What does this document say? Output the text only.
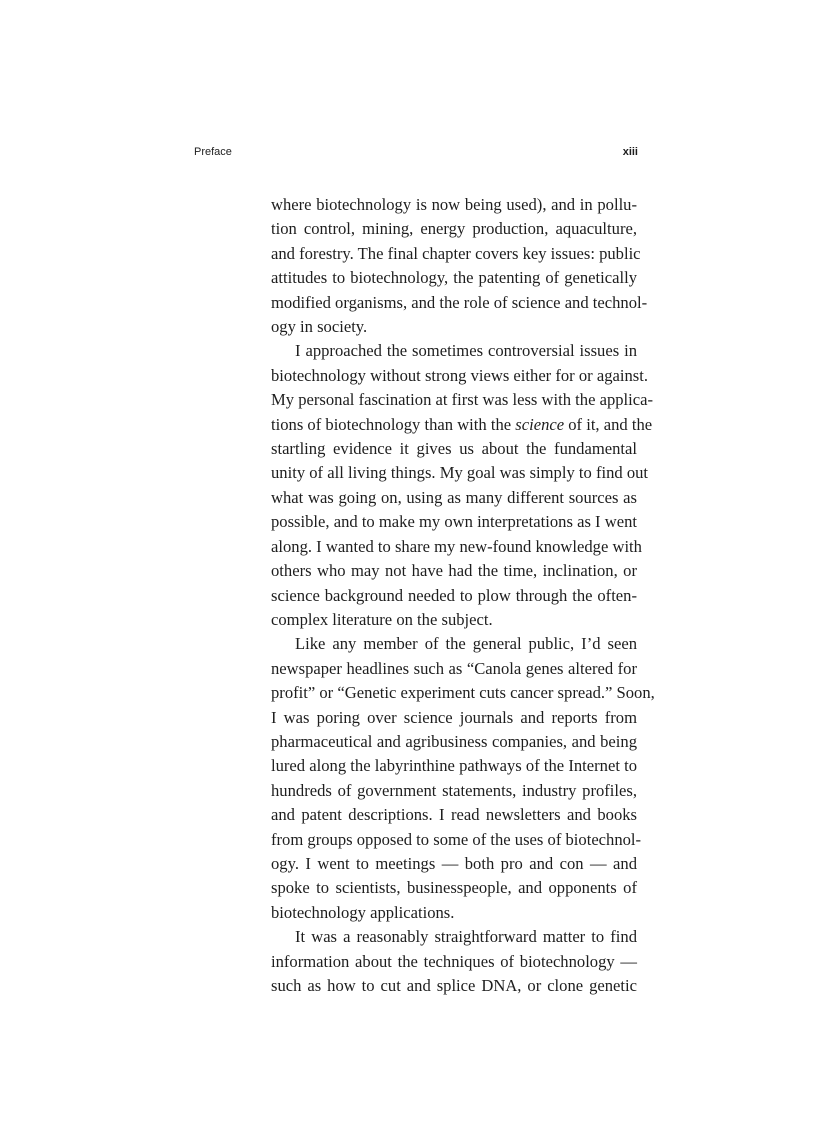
Preface	xiii

where biotechnology is now being used), and in pollu-
tion control, mining, energy production, aquaculture,
and forestry. The final chapter covers key issues: public
attitudes to biotechnology, the patenting of genetically
modified organisms, and the role of science and technol-
ogy in society.

I approached the sometimes controversial issues in
biotechnology without strong views either for or against.
My personal fascination at first was less with the applica-
tions of biotechnology than with the science of it, and the
startling evidence it gives us about the fundamental
unity of all living things. My goal was simply to find out
what was going on, using as many different sources as
possible, and to make my own interpretations as I went
along. I wanted to share my new-found knowledge with
others who may not have had the time, inclination, or
science background needed to plow through the often-
complex literature on the subject.

Like any member of the general public, I’d seen
newspaper headlines such as “Canola genes altered for
profit” or “Genetic experiment cuts cancer spread.” Soon,
I was poring over science journals and reports from
pharmaceutical and agribusiness companies, and being
lured along the labyrinthine pathways of the Internet to
hundreds of government statements, industry profiles,
and patent descriptions. I read newsletters and books
from groups opposed to some of the uses of biotechnol-
ogy. I went to meetings — both pro and con — and
spoke to scientists, businesspeople, and opponents of
biotechnology applications.

It was a reasonably straightforward matter to find
information about the techniques of biotechnology —
such as how to cut and splice DNA, or clone genetic
